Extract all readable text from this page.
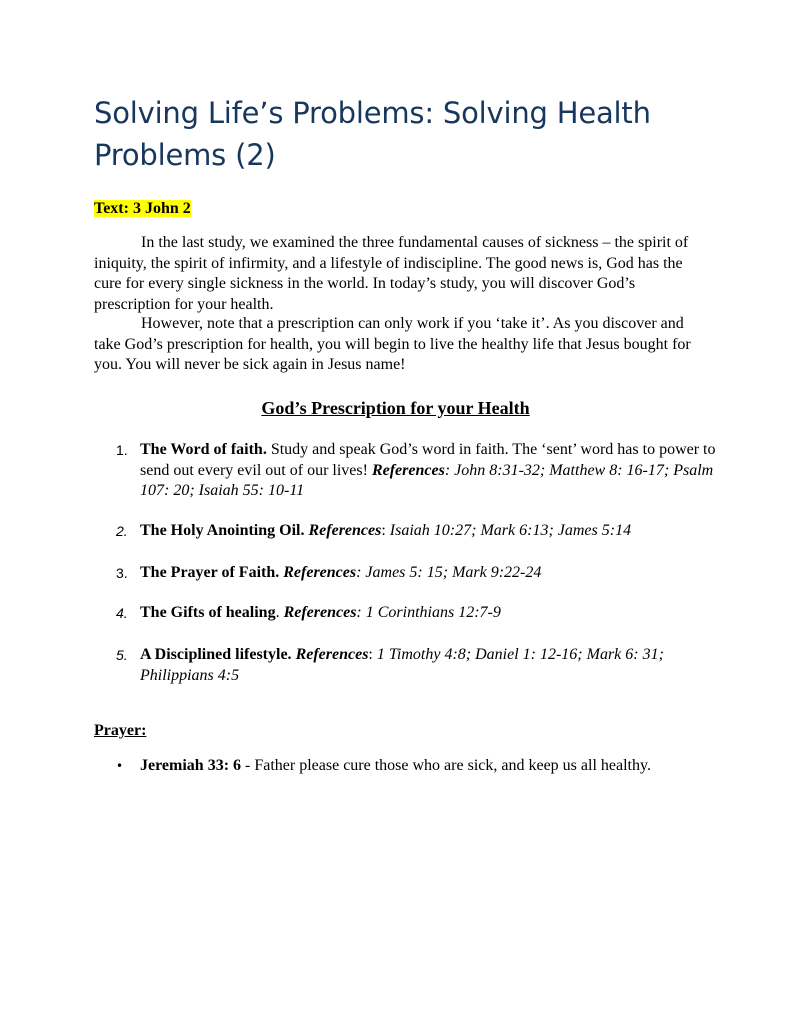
Solving Life’s Problems: Solving Health Problems (2)
Text: 3 John 2

In the last study, we examined the three fundamental causes of sickness – the spirit of iniquity, the spirit of infirmity, and a lifestyle of indiscipline. The good news is, God has the cure for every single sickness in the world. In today’s study, you will discover God’s prescription for your health.

However, note that a prescription can only work if you ‘take it’. As you discover and take God’s prescription for health, you will begin to live the healthy life that Jesus bought for you. You will never be sick again in Jesus name!

God’s Prescription for your Health
1. The Word of faith. Study and speak God’s word in faith. The ‘sent’ word has to power to send out every evil out of our lives! References: John 8:31-32; Matthew 8: 16-17; Psalm 107: 20; Isaiah 55: 10-11
2. The Holy Anointing Oil. References: Isaiah 10:27; Mark 6:13; James 5:14
3. The Prayer of Faith. References: James 5: 15; Mark 9:22-24
4. The Gifts of healing. References: 1 Corinthians 12:7-9
5. A Disciplined lifestyle. References: 1 Timothy 4:8; Daniel 1: 12-16; Mark 6: 31; Philippians 4:5
Prayer:
• Jeremiah 33: 6 - Father please cure those who are sick, and keep us all healthy.
